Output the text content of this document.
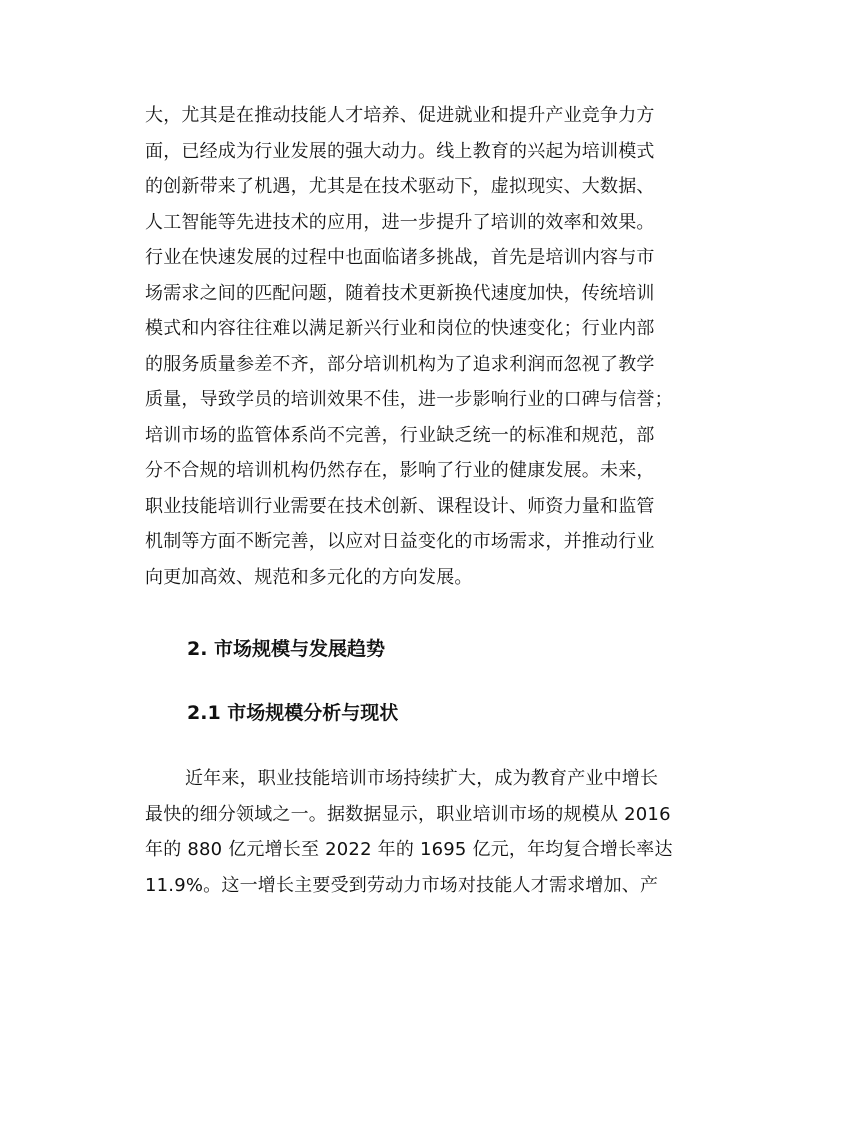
大，尤其是在推动技能人才培养、促进就业和提升产业竞争力方
面，已经成为行业发展的强大动力。线上教育的兴起为培训模式
的创新带来了机遇，尤其是在技术驱动下，虚拟现实、大数据、
人工智能等先进技术的应用，进一步提升了培训的效率和效果。
行业在快速发展的过程中也面临诸多挑战，首先是培训内容与市
场需求之间的匹配问题，随着技术更新换代速度加快，传统培训
模式和内容往往难以满足新兴行业和岗位的快速变化；行业内部
的服务质量参差不齐，部分培训机构为了追求利润而忽视了教学
质量，导致学员的培训效果不佳，进一步影响行业的口碑与信誉；
培训市场的监管体系尚不完善，行业缺乏统一的标准和规范，部
分不合规的培训机构仍然存在，影响了行业的健康发展。未来，
职业技能培训行业需要在技术创新、课程设计、师资力量和监管
机制等方面不断完善，以应对日益变化的市场需求，并推动行业
向更加高效、规范和多元化的方向发展。
2. 市场规模与发展趋势
2.1 市场规模分析与现状
近年来，职业技能培训市场持续扩大，成为教育产业中增长
最快的细分领域之一。据数据显示，职业培训市场的规模从 2016
年的 880 亿元增长至 2022 年的 1695 亿元，年均复合增长率达
11.9%。这一增长主要受到劳动力市场对技能人才需求增加、产
